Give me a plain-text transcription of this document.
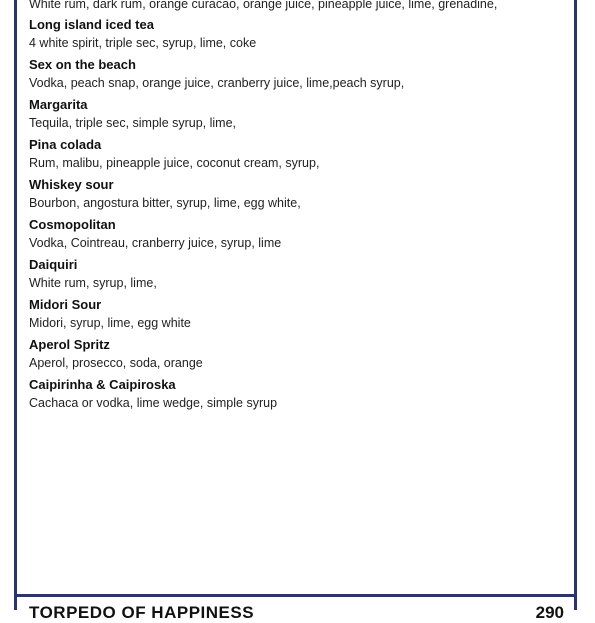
White rum, dark rum, orange curacao, orange juice, pineapple juice, lime, grenadine,
Long island iced tea
4 white spirit, triple sec, syrup, lime, coke
Sex on the beach
Vodka, peach snap, orange juice, cranberry juice, lime,peach syrup,
Margarita
Tequila, triple sec, simple syrup, lime,
Pina colada
Rum, malibu, pineapple juice, coconut cream, syrup,
Whiskey sour
Bourbon, angostura bitter, syrup, lime, egg white,
Cosmopolitan
Vodka, Cointreau, cranberry juice, syrup, lime
Daiquiri
White rum, syrup, lime,
Midori Sour
Midori, syrup, lime, egg white
Aperol Spritz
Aperol, prosecco, soda, orange
Caipirinha & Caipiroska
Cachaca or vodka, lime wedge, simple syrup
TORPEDO OF HAPPINESS	290
